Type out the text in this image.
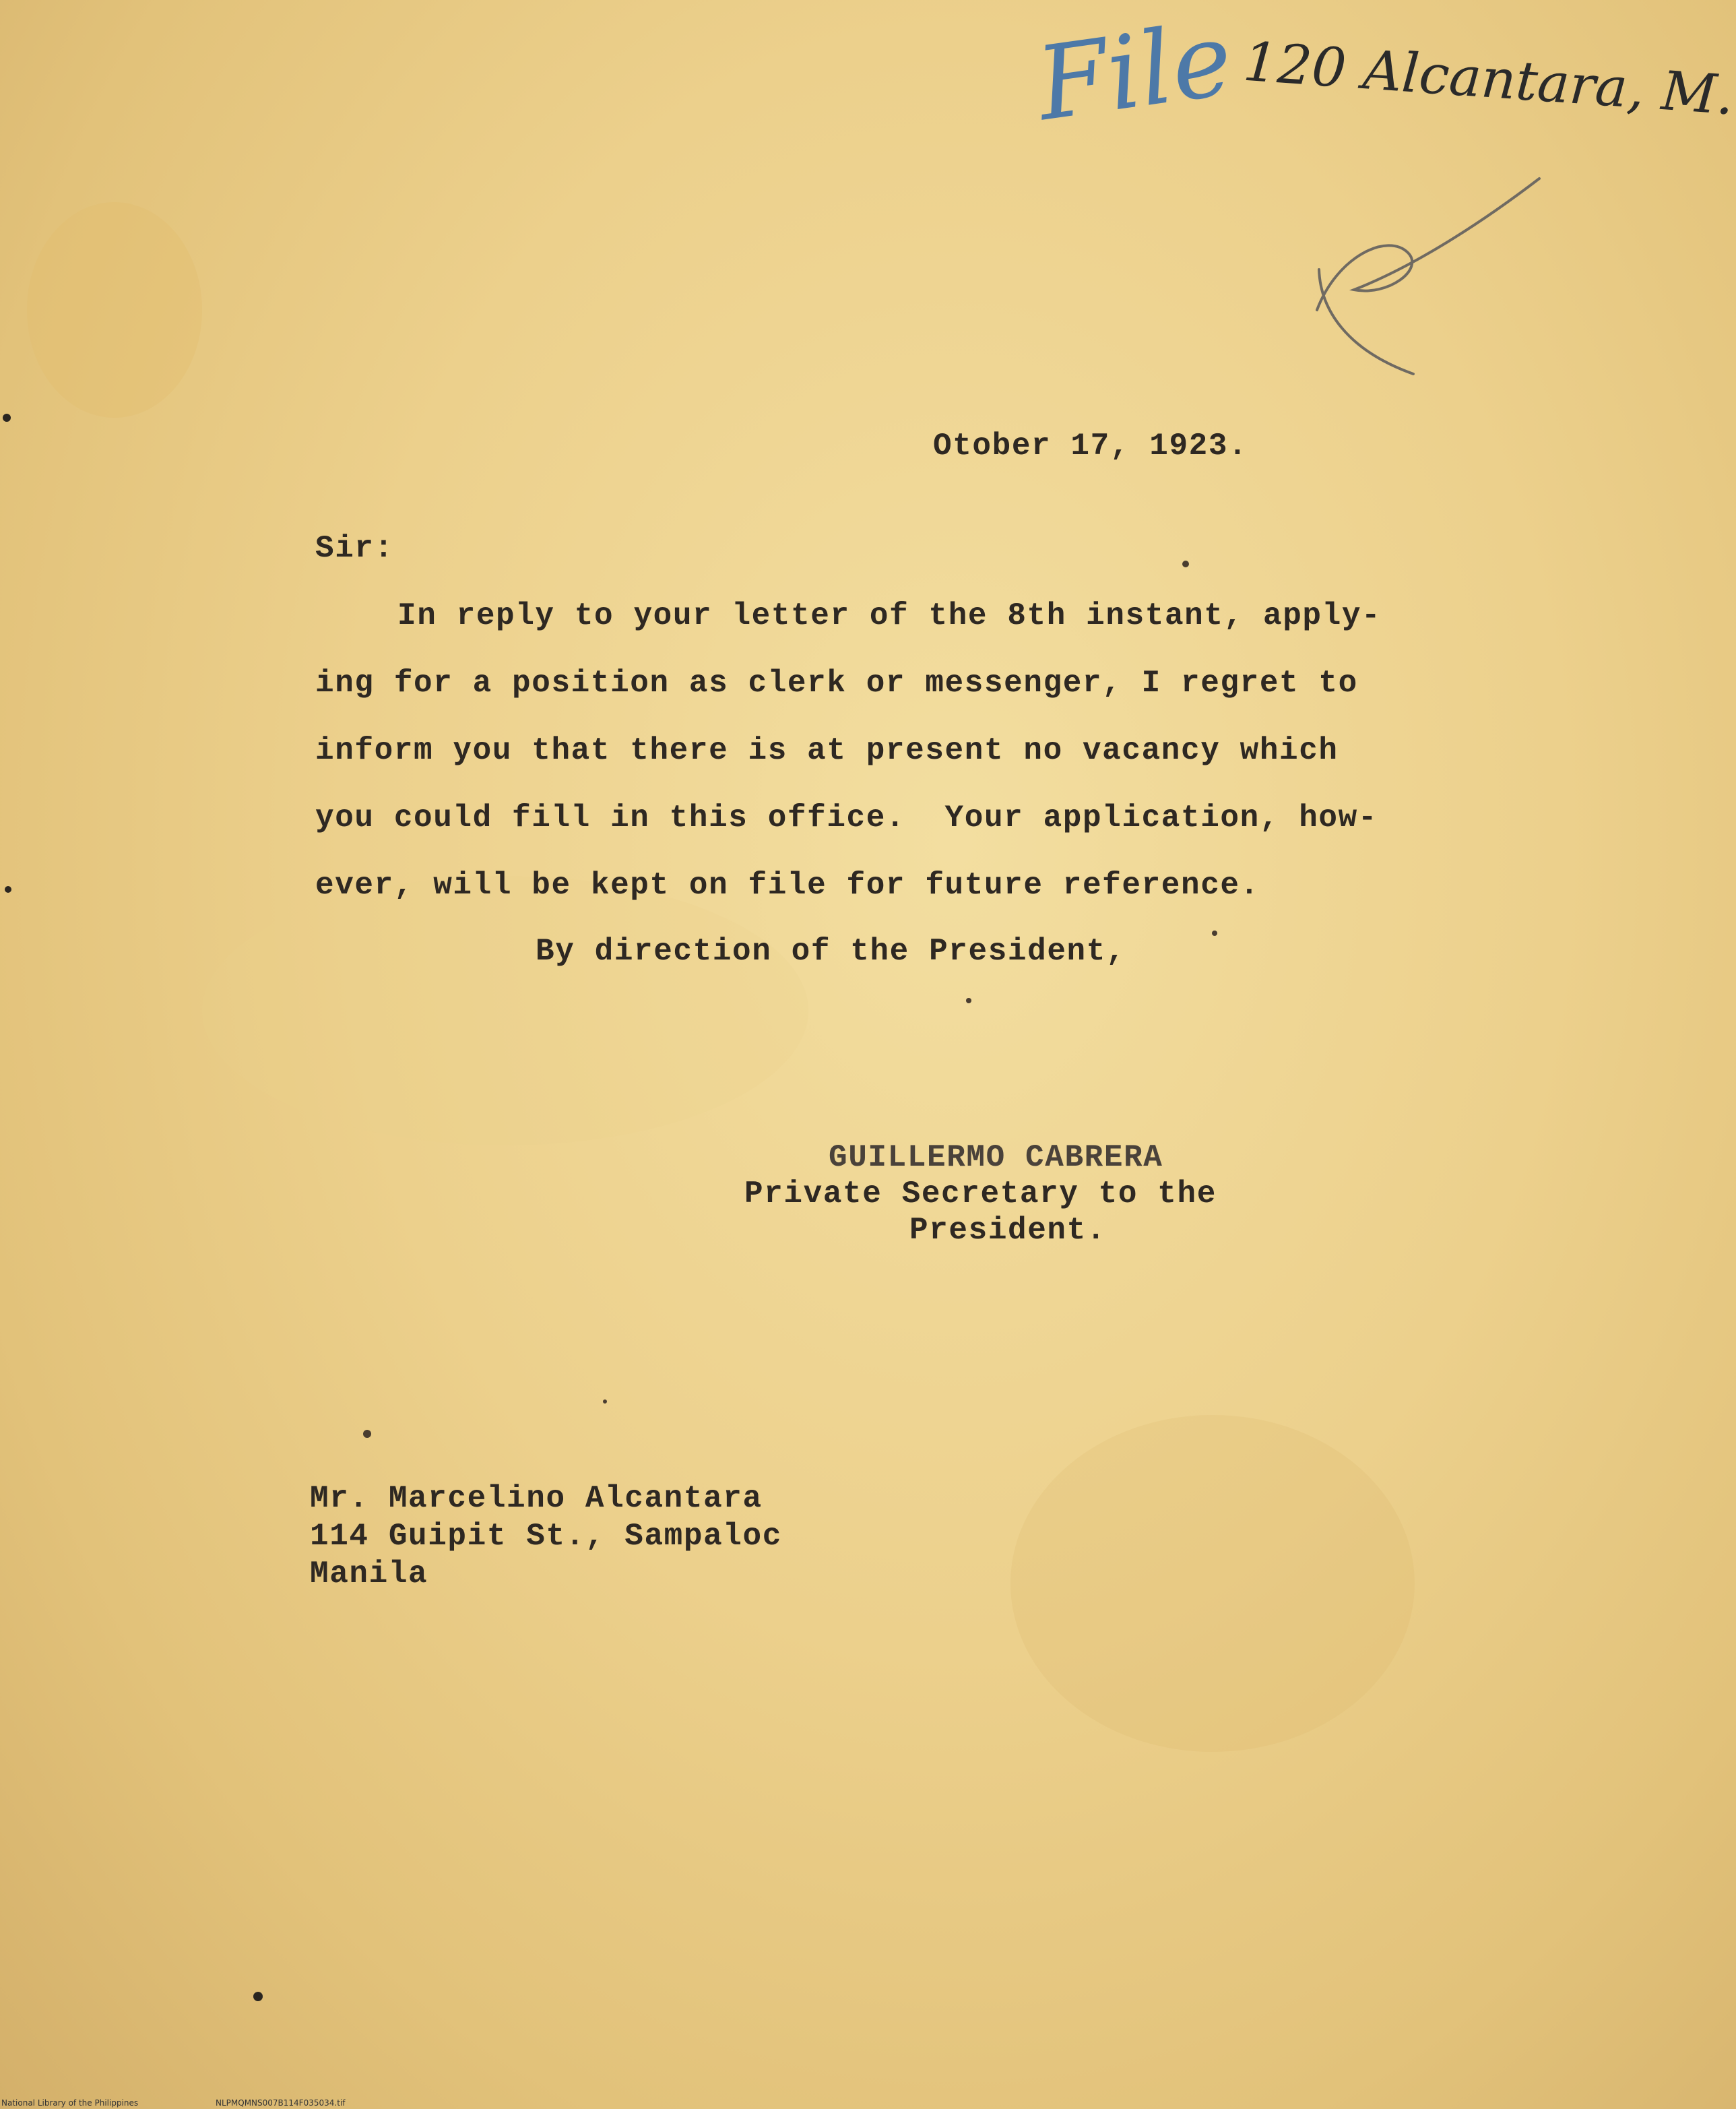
File 120 Alcantara, M.

Otober 17, 1923.

Sir:

In reply to your letter of the 8th instant, apply-

ing for a position as clerk or messenger, I regret to

inform you that there is at present no vacancy which

you could fill in this office.  Your application, how-

ever, will be kept on file for future reference.

By direction of the President,

GUILLERMO CABRERA

Private Secretary to the

President.

Mr. Marcelino Alcantara

114 Guipit St., Sampaloc

Manila

National Library of the Philippines	NLPMQMNS007B114F035034.tif
